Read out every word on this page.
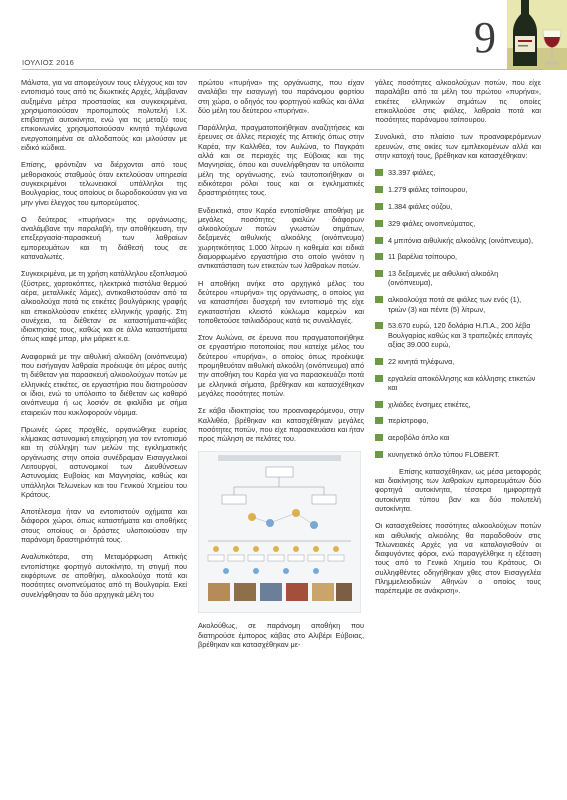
9
ΙΟΥΛΙΟΣ 2016

Μάλιστα, για να αποφεύγουν τους ελέγχους και τον εντοπισμό τους από τις διωκτικές Αρχές, λάμβαναν αυξημένα μέτρα προστασίας και συγκεκριμένα, χρησιμοποιούσαν προπομπούς πολυτελή Ι.Χ. επιβατηγά αυτοκίνητα, ενώ για τις μεταξύ τους επικοινωνίες χρησιμοποιούσαν κινητά τηλέφωνα ενεργοποιημένα σε αλλοδαπούς και μιλούσαν με ειδικό κώδικα.

Επίσης, φρόντιζαν να διέρχονται από τους μεθοριακούς σταθμούς όταν εκτελούσαν υπηρεσία συγκεκριμένοι τελωνειακοί υπάλληλοι της Βουλγαρίας, τους οποίους οι δωροδοκούσαν για να μην γίνει έλεγχος του εμπορεύματος.

Ο δεύτερος «πυρήνας» της οργάνωσης, αναλάμβανε την παραλαβή, την αποθήκευση, την επεξεργασία-παρασκευή των λαθραίων εμπορευμάτων και τη διάθεσή τους σε καταναλωτές.

Συγκεκριμένα, με τη χρήση κατάλληλου εξοπλισμού (ξύστρες, χαρτοκόπτες, ηλεκτρικά πιστόλια θερμού αέρα, μεταλλικές λάμες), αντικαθιστούσαν από τα αλκοολούχα ποτά τις ετικέτες βουλγάρικης γραφής και επικολλούσαν ετικέτες ελληνικής γραφής. Στη συνέχεια, τα διέθεταν σε καταστήματα-κάβες ιδιοκτησίας τους, καθώς και σε άλλα καταστήματα όπως καφέ μπαρ, μίνι μάρκετ κ.α.

Αναφορικά με την αιθυλική αλκοόλη (οινόπνευμα) που εισήγαγαν λαθραία προέκυψε ότι μέρος αυτής τη διέθεταν για παρασκευή αλκοολούχων ποτών με ελληνικές ετικέτες, σε εργαστήρια που διατηρούσαν οι ίδιοι, ενώ το υπόλοιπο το διέθεταν ως καθαρό οινόπνευμα ή ως λοσιόν σε φιαλίδια με σήμα εταιρειών που κυκλοφορούν νόμιμα.

Πρωινές ώρες προχθές, οργανώθηκε ευρείας κλίμακας αστυνομική επιχείρηση για τον εντοπισμό και τη σύλληψη των μελών της εγκληματικής οργάνωσης στην οποία συνέδραμαν Εισαγγελικοί Λειτουργοί, αστυνομικοί των Διευθύνσεων Αστυνομίας Ευβοίας και Μαγνησίας, καθώς και υπάλληλοι Τελωνείων και του Γενικού Χημείου του Κράτους.

Αποτέλεσμα ήταν να εντοπιστούν οχήματα και διάφοροι χώροι, όπως καταστήματα και αποθήκες στους οποίους οι δράστες υλοποιούσαν την παράνομη δραστηριότητά τους.

Αναλυτικότερα, στη Μεταμόρφωση Αττικής εντοπίστηκε φορτηγό αυτοκίνητο, τη στιγμή που εκφόρτωνε σε αποθήκη, αλκοολούχα ποτά και ποσότητες οινοπνεύματος από τη Βουλγαρία. Εκεί συνελήφθησαν τα δύο αρχηγικά μέλη του

πρώτου «πυρήνα» της οργάνωσης, που είχαν αναλάβει την εισαγωγή του παράνομου φορτίου στη χώρα, ο οδηγός του φορτηγού καθώς και άλλα δύο μέλη του δεύτερου «πυρήνα».

Παράλληλα, πραγματοποιήθηκαν αναζητήσεις και έρευνες σε άλλες περιοχές της Αττικής όπως στην Καρέα, την Καλλιθέα, τον Αυλώνα, το Παγκράτι αλλά και σε περιοχές της Εύβοιας και της Μαγνησίας, όπου και συνελήφθησαν τα υπόλοιπα μέλη της οργάνωσης, ενώ ταυτοποιήθηκαν οι ειδικότεροι ρόλοι τους και οι εγκληματικές δραστηριότητες τους.

Ενδεικτικά, στον Καρέα εντοπίσθηκε αποθήκη με μεγάλες ποσότητες φιαλών διάφορων αλκοολούχων ποτών γνωστών σημάτων, δεξαμενές αιθυλικής αλκοόλης (οινόπνευμα) χωρητικότητας 1.000 λίτρων η καθεμία και ειδικά διαμορφωμένο εργαστήριο στο οποίο γινόταν η αντικατάσταση των ετικετών των λαθραίων ποτών.

Η αποθήκη ανήκε στο αρχηγικό μέλος του δεύτερου «πυρήνα» της οργάνωσης, ο οποίος για να κατασπήσει δυσχερή τον εντοπισμό της είχε εγκαταστήσει κλειστό κύκλωμα καμερών και τοποθετούσε τσιλιαδόρους κατά τις συναλλαγές.

Στον Αυλώνα, σε έρευνα που πραγματοποιήθηκε σε εργαστήριο ποτοποιίας που κατείχε μέλος του δεύτερου «πυρήνα», ο οποίος όπως προέκυψε προμηθευόταν αιθυλική αλκοόλη (οινόπνευμα) από την αποθήκη του Καρέα για να παρασκευάζει ποτά με ελληνικά σήματα, βρέθηκαν και κατασχέθηκαν μεγάλες ποσότητες ποτών.

Σε κάβα ιδιοκτησίας του προαναφερόμενου, στην Καλλιθέα, βρέθηκαν και κατασχέθηκαν μεγάλες ποσότητες ποτών, που είχε παρασκευάσει και ήταν προς πώληση σε πελάτες του.

Ακολούθως, σε παράνομη αποθήκη που διατηρούσε έμπορος κάβας στο Αλιβέρι Εύβοιας, βρέθηκαν και κατασχέθηκαν με-

γάλες ποσότητες αλκοολούχων ποτών, που είχε παραλάβει από τα μέλη του πρώτου «πυρήνα», ετικέτες ελληνικών σημάτων τις οποίες επικολλούσε στις φιάλες, λαθραία ποτά και ποσότητες παράνομου τσίπουρου.

Συνολικά, στο πλαίσιο των προαναφερόμενων ερευνών, στις οικίες των εμπλεκομένων αλλά και στην κατοχή τους, βρέθηκαν και κατασχέθηκαν:

33.397 φιάλες,
1.279 φιάλες τσίπουρου,
1.384 φιάλες ούζου,
329 φιάλες οινοπνεύματος,
4 μπιτόνια αιθυλικής αλκοόλης (οινόπνευμα),
11 βαρέλια τσίπουρο,
13 δεξαμενές με αιθυλική αλκοόλη (οινόπνευμα),
αλκοολούχα ποτά σε φιάλες των ενός (1), τριών (3) και πέντε (5) λίτρων,
53.670 ευρώ, 120 δολάρια Η.Π.Α., 200 λέβα Βουλγαρίας καθώς και 3 τραπεζικές επιταγές αξίας 39.000 ευρώ,
22 κινητά τηλέφωνα,
εργαλεία αποκόλλησης και κόλλησης ετικετών και
χιλιάδες ένσημες ετικέτες,
περίστροφο,
αεροβόλο όπλο και
κυνηγετικό όπλο τύπου FLOBERT.

Επίσης κατασχέθηκαν, ως μέσα μεταφοράς και διακίνησης των λαθραίων εμπορευμάτων δύο φορτηγά αυτοκίνητα, τέσσερα ημιφορτηγά αυτοκίνητα τύπου βαν και δύο πολυτελή αυτοκίνητα.

Οι κατασχεθείσες ποσότητες αλκοολούχων ποτών και αιθυλικής αλκοόλης θα παραδοθούν στις Τελωνειακές Αρχές για να καταλογισθούν οι διαφυγόντες φόροι, ενώ παραγγέλθηκε η εξέταση τους από το Γενικό Χημείο του Κράτους. Οι συλληφθέντες οδηγήθηκαν χθες στον Εισαγγελέα Πλημμελειοδικών Αθηνών ο οποίος τους παρέπεμψε σε ανάκριση».
